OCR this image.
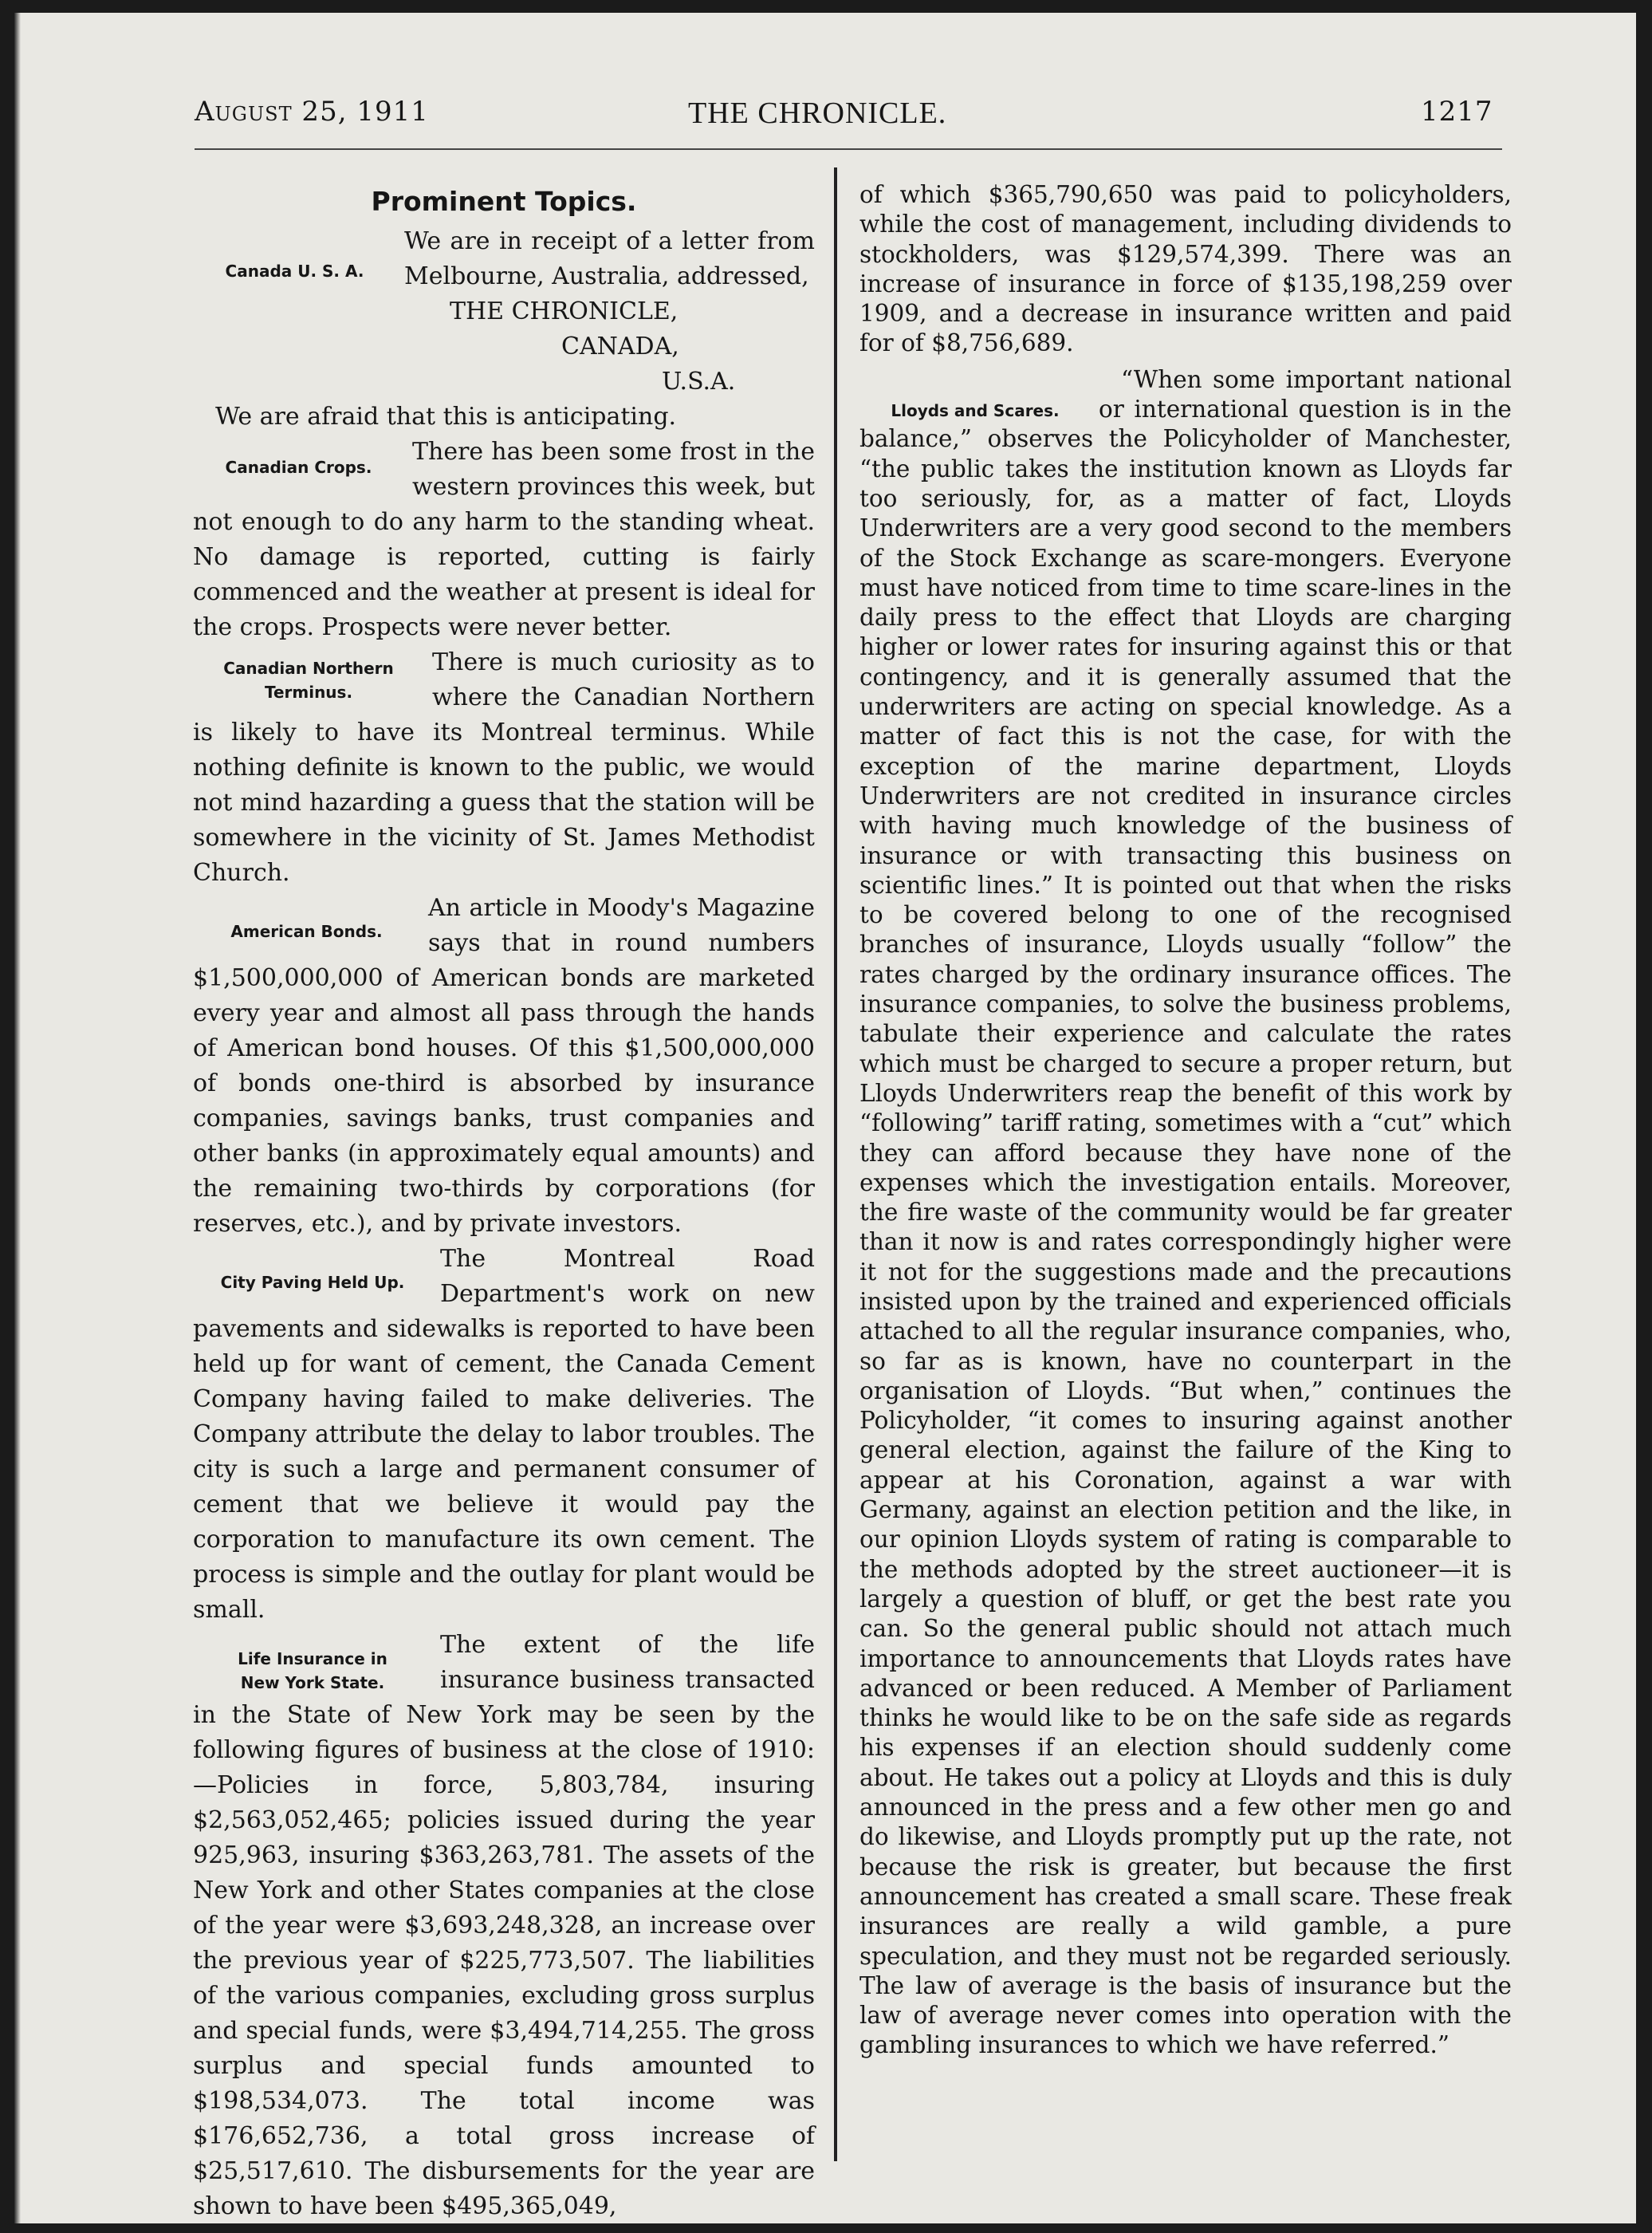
August 25, 1911	THE CHRONICLE.	1217
Prominent Topics.
Canada U. S. A.

We are in receipt of a letter from Melbourne, Australia, addressed,

THE CHRONICLE,
CANADA,
U.S.A.

We are afraid that this is anticipating.

Canadian Crops.

There has been some frost in the western provinces this week, but not enough to do any harm to the standing wheat. No damage is reported, cutting is fairly commenced and the weather at present is ideal for the crops. Prospects were never better.

Canadian Northern
Terminus.

There is much curiosity as to where the Canadian Northern is likely to have its Montreal terminus. While nothing definite is known to the public, we would not mind hazarding a guess that the station will be somewhere in the vicinity of St. James Methodist Church.

American Bonds.

An article in Moody's Magazine says that in round numbers $1,500,000,000 of American bonds are marketed every year and almost all pass through the hands of American bond houses. Of this $1,500,000,000 of bonds one-third is absorbed by insurance companies, savings banks, trust companies and other banks (in approximately equal amounts) and the remaining two-thirds by corporations (for reserves, etc.), and by private investors.

City Paving Held Up.

The Montreal Road Department's work on new pavements and sidewalks is reported to have been held up for want of cement, the Canada Cement Company having failed to make deliveries. The Company attribute the delay to labor troubles. The city is such a large and permanent consumer of cement that we believe it would pay the corporation to manufacture its own cement. The process is simple and the outlay for plant would be small.

Life Insurance in
New York State.

The extent of the life insurance business transacted in the State of New York may be seen by the following figures of business at the close of 1910:—Policies in force, 5,803,784, insuring $2,563,052,465; policies issued during the year 925,963, insuring $363,263,781. The assets of the New York and other States companies at the close of the year were $3,693,248,328, an increase over the previous year of $225,773,507. The liabilities of the various companies, excluding gross surplus and special funds, were $3,494,714,255. The gross surplus and special funds amounted to $198,534,073. The total income was $176,652,736, a total gross increase of $25,517,610. The disbursements for the year are shown to have been $495,365,049,

of which $365,790,650 was paid to policyholders, while the cost of management, including dividends to stockholders, was $129,574,399. There was an increase of insurance in force of $135,198,259 over 1909, and a decrease in insurance written and paid for of $8,756,689.

Lloyds and Scares.

“When some important national or international question is in the balance,” observes the Policyholder of Manchester, “the public takes the institution known as Lloyds far too seriously, for, as a matter of fact, Lloyds Underwriters are a very good second to the members of the Stock Exchange as scare-mongers. Everyone must have noticed from time to time scare-lines in the daily press to the effect that Lloyds are charging higher or lower rates for insuring against this or that contingency, and it is generally assumed that the underwriters are acting on special knowledge. As a matter of fact this is not the case, for with the exception of the marine department, Lloyds Underwriters are not credited in insurance circles with having much knowledge of the business of insurance or with transacting this business on scientific lines.” It is pointed out that when the risks to be covered belong to one of the recognised branches of insurance, Lloyds usually “follow” the rates charged by the ordinary insurance offices. The insurance companies, to solve the business problems, tabulate their experience and calculate the rates which must be charged to secure a proper return, but Lloyds Underwriters reap the benefit of this work by “following” tariff rating, sometimes with a “cut” which they can afford because they have none of the expenses which the investigation entails. Moreover, the fire waste of the community would be far greater than it now is and rates correspondingly higher were it not for the suggestions made and the precautions insisted upon by the trained and experienced officials attached to all the regular insurance companies, who, so far as is known, have no counterpart in the organisation of Lloyds. “But when,” continues the Policyholder, “it comes to insuring against another general election, against the failure of the King to appear at his Coronation, against a war with Germany, against an election petition and the like, in our opinion Lloyds system of rating is comparable to the methods adopted by the street auctioneer—it is largely a question of bluff, or get the best rate you can. So the general public should not attach much importance to announcements that Lloyds rates have advanced or been reduced. A Member of Parliament thinks he would like to be on the safe side as regards his expenses if an election should suddenly come about. He takes out a policy at Lloyds and this is duly announced in the press and a few other men go and do likewise, and Lloyds promptly put up the rate, not because the risk is greater, but because the first announcement has created a small scare. These freak insurances are really a wild gamble, a pure speculation, and they must not be regarded seriously. The law of average is the basis of insurance but the law of average never comes into operation with the gambling insurances to which we have referred.”
